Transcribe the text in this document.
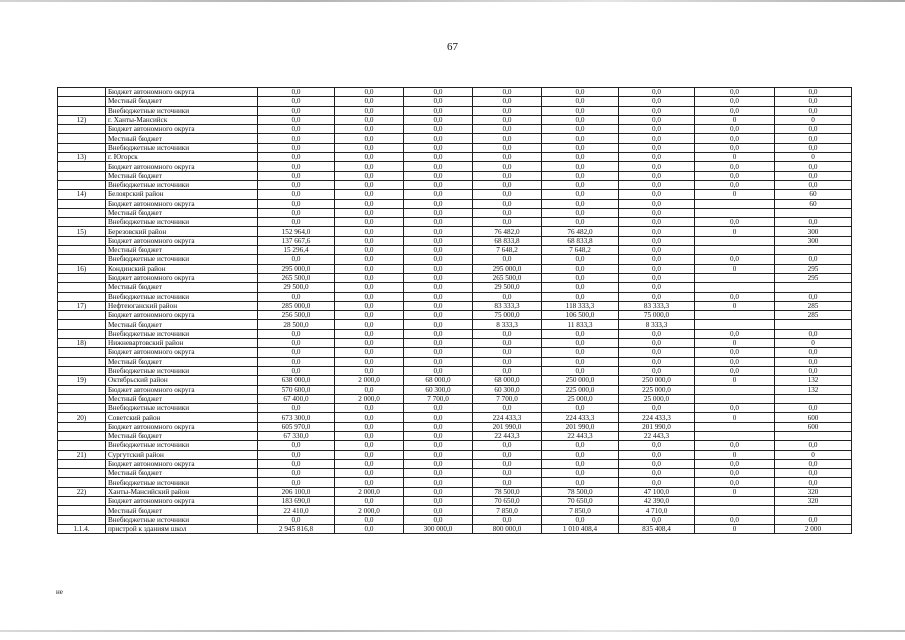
67
	Бюджет автономного округа	0,0	0,0	0,0	0,0	0,0	0,0	0,0	0,0
	Местный бюджет	0,0	0,0	0,0	0,0	0,0	0,0	0,0	0,0
	Внебюджетные источники	0,0	0,0	0,0	0,0	0,0	0,0	0,0	0,0
12)	г. Ханты-Мансийск	0,0	0,0	0,0	0,0	0,0	0,0	0	0
	Бюджет автономного округа	0,0	0,0	0,0	0,0	0,0	0,0	0,0	0,0
	Местный бюджет	0,0	0,0	0,0	0,0	0,0	0,0	0,0	0,0
	Внебюджетные источники	0,0	0,0	0,0	0,0	0,0	0,0	0,0	0,0
13)	г. Югорск	0,0	0,0	0,0	0,0	0,0	0,0	0	0
	Бюджет автономного округа	0,0	0,0	0,0	0,0	0,0	0,0	0,0	0,0
	Местный бюджет	0,0	0,0	0,0	0,0	0,0	0,0	0,0	0,0
	Внебюджетные источники	0,0	0,0	0,0	0,0	0,0	0,0	0,0	0,0
14)	Белоярский район	0,0	0,0	0,0	0,0	0,0	0,0	0	60
	Бюджет автономного округа	0,0	0,0	0,0	0,0	0,0	0,0		60
	Местный бюджет	0,0	0,0	0,0	0,0	0,0	0,0		
	Внебюджетные источники	0,0	0,0	0,0	0,0	0,0	0,0	0,0	0,0
15)	Березовский район	152 964,0	0,0	0,0	76 482,0	76 482,0	0,0	0	300
	Бюджет автономного округа	137 667,6	0,0	0,0	68 833,8	68 833,8	0,0		300
	Местный бюджет	15 296,4	0,0	0,0	7 648,2	7 648,2	0,0		
	Внебюджетные источники	0,0	0,0	0,0	0,0	0,0	0,0	0,0	0,0
16)	Кондинский район	295 000,0	0,0	0,0	295 000,0	0,0	0,0	0	295
	Бюджет автономного округа	265 500,0	0,0	0,0	265 500,0	0,0	0,0		295
	Местный бюджет	29 500,0	0,0	0,0	29 500,0	0,0	0,0		
	Внебюджетные источники	0,0	0,0	0,0	0,0	0,0	0,0	0,0	0,0
17)	Нефтеюганский район	285 000,0	0,0	0,0	83 333,3	118 333,3	83 333,3	0	285
	Бюджет автономного округа	256 500,0	0,0	0,0	75 000,0	106 500,0	75 000,0		285
	Местный бюджет	28 500,0	0,0	0,0	8 333,3	11 833,3	8 333,3		
	Внебюджетные источники	0,0	0,0	0,0	0,0	0,0	0,0	0,0	0,0
18)	Нижневартовский район	0,0	0,0	0,0	0,0	0,0	0,0	0	0
	Бюджет автономного округа	0,0	0,0	0,0	0,0	0,0	0,0	0,0	0,0
	Местный бюджет	0,0	0,0	0,0	0,0	0,0	0,0	0,0	0,0
	Внебюджетные источники	0,0	0,0	0,0	0,0	0,0	0,0	0,0	0,0
19)	Октябрьский район	638 000,0	2 000,0	68 000,0	68 000,0	250 000,0	250 000,0	0	132
	Бюджет автономного округа	570 600,0	0,0	60 300,0	60 300,0	225 000,0	225 000,0		132
	Местный бюджет	67 400,0	2 000,0	7 700,0	7 700,0	25 000,0	25 000,0		
	Внебюджетные источники	0,0	0,0	0,0	0,0	0,0	0,0	0,0	0,0
20)	Советский район	673 300,0	0,0	0,0	224 433,3	224 433,3	224 433,3	0	600
	Бюджет автономного округа	605 970,0	0,0	0,0	201 990,0	201 990,0	201 990,0		600
	Местный бюджет	67 330,0	0,0	0,0	22 443,3	22 443,3	22 443,3		
	Внебюджетные источники	0,0	0,0	0,0	0,0	0,0	0,0	0,0	0,0
21)	Сургутский район	0,0	0,0	0,0	0,0	0,0	0,0	0	0
	Бюджет автономного округа	0,0	0,0	0,0	0,0	0,0	0,0	0,0	0,0
	Местный бюджет	0,0	0,0	0,0	0,0	0,0	0,0	0,0	0,0
	Внебюджетные источники	0,0	0,0	0,0	0,0	0,0	0,0	0,0	0,0
22)	Ханты-Мансийский район	206 100,0	2 000,0	0,0	78 500,0	78 500,0	47 100,0	0	320
	Бюджет автономного округа	183 690,0	0,0	0,0	70 650,0	70 650,0	42 390,0		320
	Местный бюджет	22 410,0	2 000,0	0,0	7 850,0	7 850,0	4 710,0		
	Внебюджетные источники	0,0	0,0	0,0	0,0	0,0	0,0	0,0	0,0
1.1.4.	пристрой к зданиям школ	2 945 816,8	0,0	300 000,0	800 000,0	1 010 408,4	835 408,4	0	2 000
не
